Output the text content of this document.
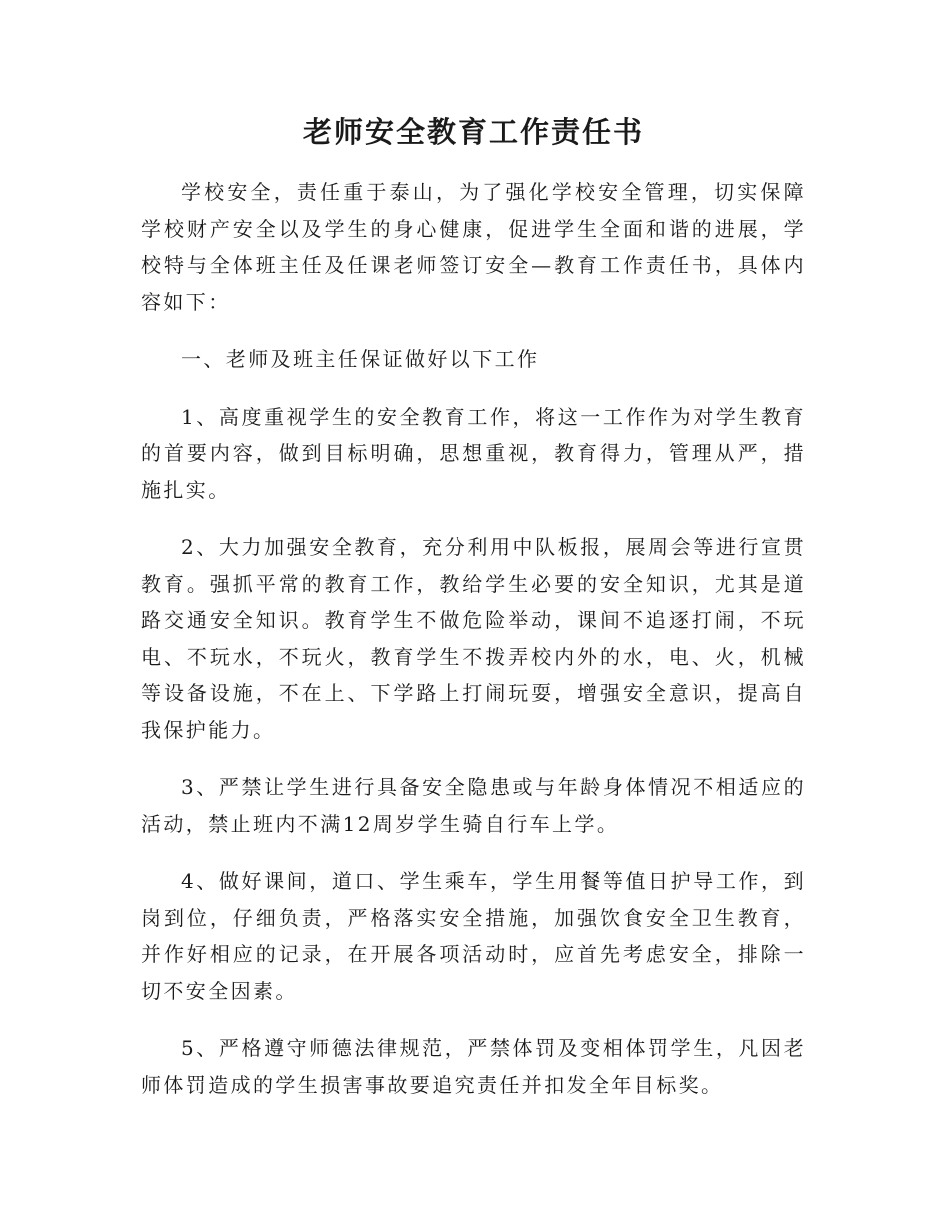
老师安全教育工作责任书

学校安全，责任重于泰山，为了强化学校安全管理，切实保障学校财产安全以及学生的身心健康，促进学生全面和谐的进展，学校特与全体班主任及任课老师签订安全—教育工作责任书，具体内容如下：

一、老师及班主任保证做好以下工作

1、高度重视学生的安全教育工作，将这一工作作为对学生教育的首要内容，做到目标明确，思想重视，教育得力，管理从严，措施扎实。

2、大力加强安全教育，充分利用中队板报，展周会等进行宣贯教育。强抓平常的教育工作，教给学生必要的安全知识，尤其是道路交通安全知识。教育学生不做危险举动，课间不追逐打闹，不玩电、不玩水，不玩火，教育学生不拨弄校内外的水，电、火，机械等设备设施，不在上、下学路上打闹玩耍，增强安全意识，提高自我保护能力。

3、严禁让学生进行具备安全隐患或与年龄身体情况不相适应的活动，禁止班内不满12周岁学生骑自行车上学。

4、做好课间，道口、学生乘车，学生用餐等值日护导工作，到岗到位，仔细负责，严格落实安全措施，加强饮食安全卫生教育，并作好相应的记录，在开展各项活动时，应首先考虑安全，排除一切不安全因素。

5、严格遵守师德法律规范，严禁体罚及变相体罚学生，凡因老师体罚造成的学生损害事故要追究责任并扣发全年目标奖。
